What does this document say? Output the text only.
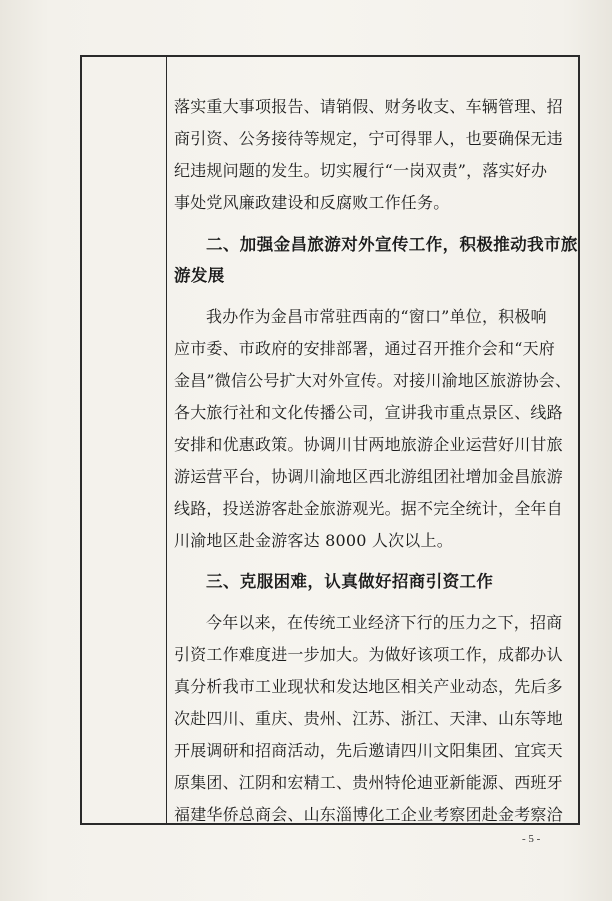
落实重大事项报告、请销假、财务收支、车辆管理、招
商引资、公务接待等规定，宁可得罪人，也要确保无违
纪违规问题的发生。切实履行“一岗双责”，落实好办
事处党风廉政建设和反腐败工作任务。
二、加强金昌旅游对外宣传工作，积极推动我市旅
游发展
我办作为金昌市常驻西南的“窗口”单位，积极响
应市委、市政府的安排部署，通过召开推介会和“天府
金昌”微信公号扩大对外宣传。对接川渝地区旅游协会、
各大旅行社和文化传播公司，宣讲我市重点景区、线路
安排和优惠政策。协调川甘两地旅游企业运营好川甘旅
游运营平台，协调川渝地区西北游组团社增加金昌旅游
线路，投送游客赴金旅游观光。据不完全统计，全年自
川渝地区赴金游客达 8000 人次以上。
三、克服困难，认真做好招商引资工作
今年以来，在传统工业经济下行的压力之下，招商
引资工作难度进一步加大。为做好该项工作，成都办认
真分析我市工业现状和发达地区相关产业动态，先后多
次赴四川、重庆、贵州、江苏、浙江、天津、山东等地
开展调研和招商活动，先后邀请四川文阳集团、宜宾天
原集团、江阴和宏精工、贵州特伦迪亚新能源、西班牙
福建华侨总商会、山东淄博化工企业考察团赴金考察洽
- 5 -
